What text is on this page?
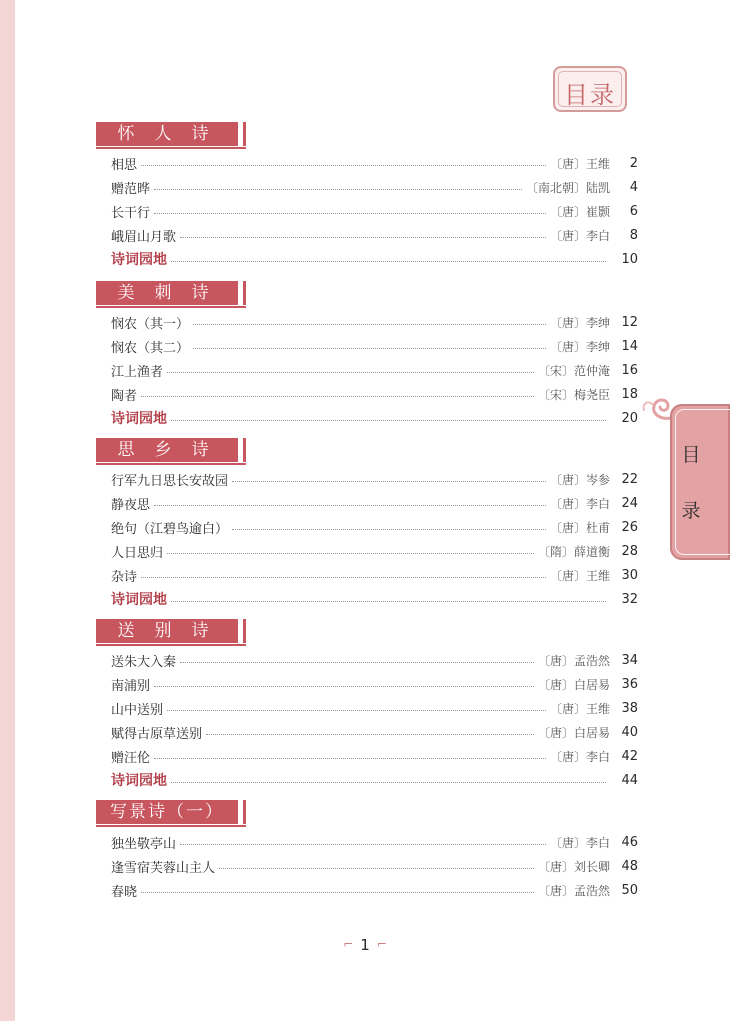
目录
目
录
怀人诗
相思	〔唐〕王维	2
赠范晔	〔南北朝〕陆凯	4
长干行	〔唐〕崔颢	6
峨眉山月歌	〔唐〕李白	8
诗词园地	10
美刺诗
悯农（其一）	〔唐〕李绅 12
悯农（其二）	〔唐〕李绅 14
江上渔者	〔宋〕范仲淹 16
陶者	〔宋〕梅尧臣 18
诗词园地	20
思乡诗
行军九日思长安故园	〔唐〕岑参 22
静夜思	〔唐〕李白 24
绝句（江碧鸟逾白）	〔唐〕杜甫 26
人日思归	〔隋〕薛道衡 28
杂诗	〔唐〕王维 30
诗词园地	32
送别诗
送朱大入秦	〔唐〕孟浩然 34
南浦别	〔唐〕白居易 36
山中送别	〔唐〕王维 38
赋得古原草送别	〔唐〕白居易 40
赠汪伦	〔唐〕李白 42
诗词园地	44
写景诗（一）
独坐敬亭山	〔唐〕李白 46
逢雪宿芙蓉山主人	〔唐〕刘长卿 48
春晓	〔唐〕孟浩然 50
⌐ 1 ⌐
